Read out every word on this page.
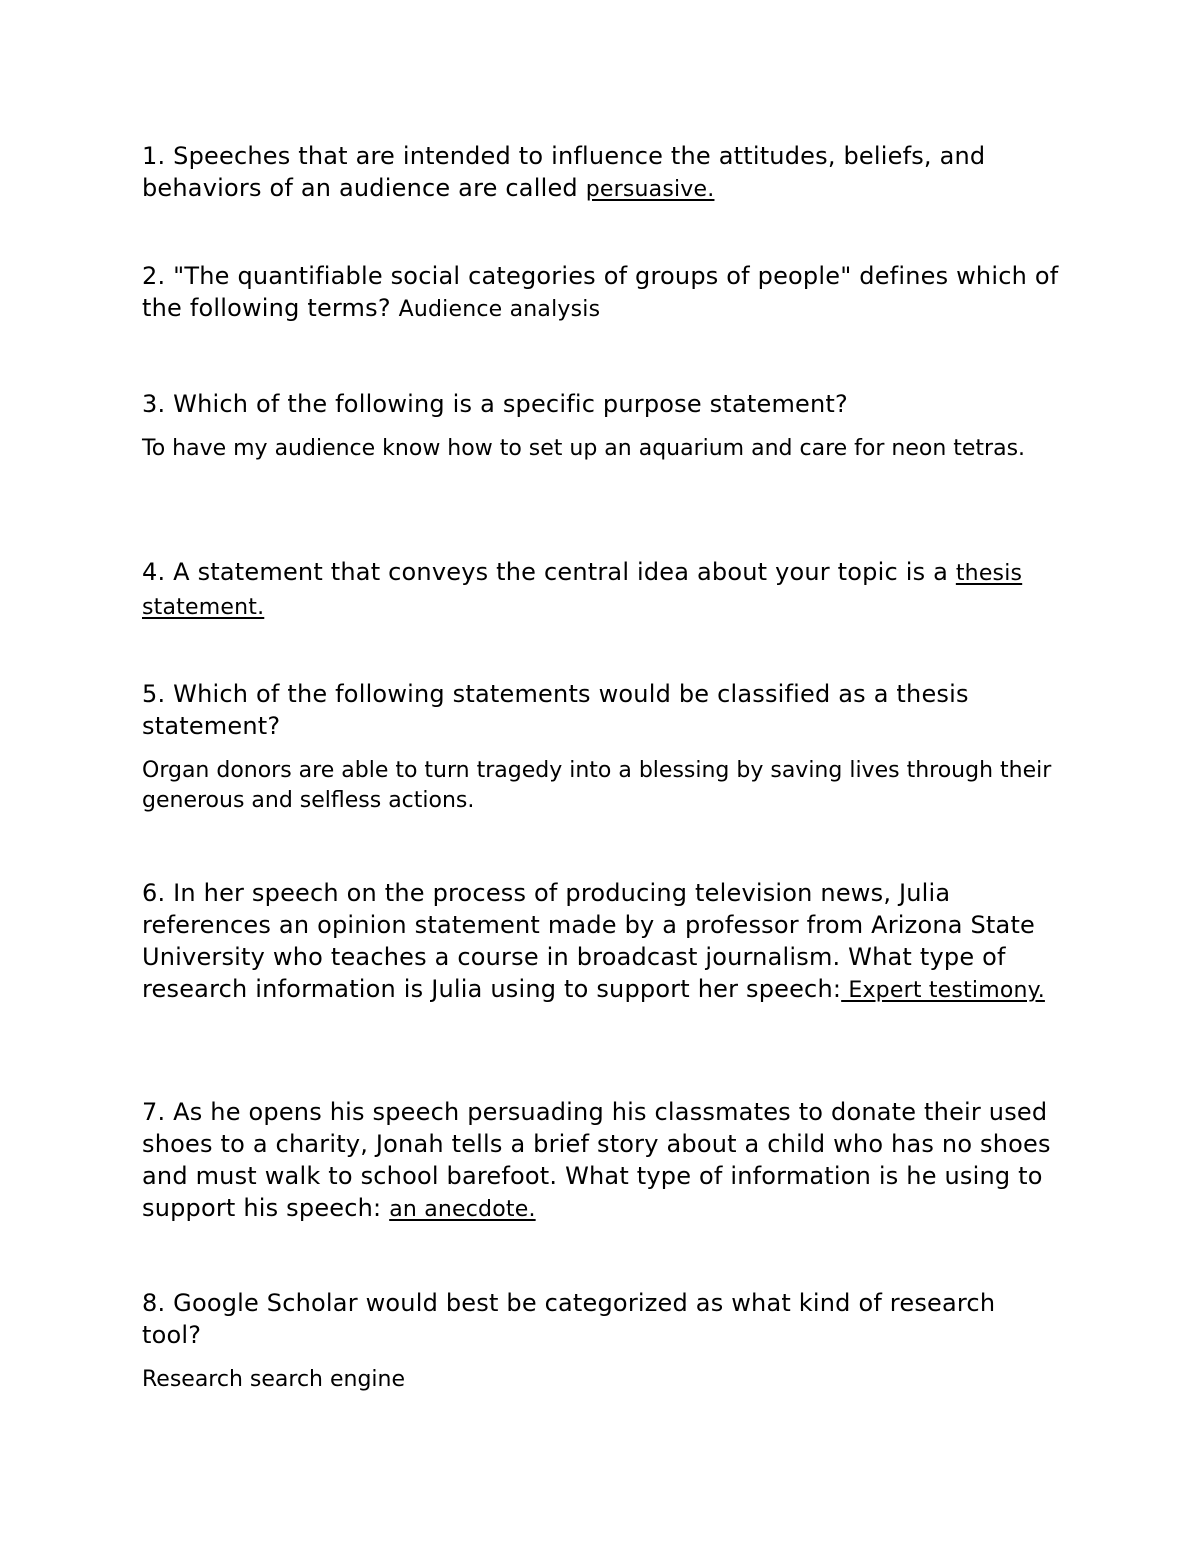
1. Speeches that are intended to influence the attitudes, beliefs, and behaviors of an audience are called persuasive.

2. "The quantifiable social categories of groups of people" defines which of the following terms? Audience analysis

3. Which of the following is a specific purpose statement?

To have my audience know how to set up an aquarium and care for neon tetras.

4. A statement that conveys the central idea about your topic is a thesis statement.

5. Which of the following statements would be classified as a thesis statement?

Organ donors are able to turn tragedy into a blessing by saving lives through their generous and selfless actions.

6. In her speech on the process of producing television news, Julia references an opinion statement made by a professor from Arizona State University who teaches a course in broadcast journalism. What type of research information is Julia using to support her speech: Expert testimony.

7. As he opens his speech persuading his classmates to donate their used shoes to a charity, Jonah tells a brief story about a child who has no shoes and must walk to school barefoot. What type of information is he using to support his speech: an anecdote.

8. Google Scholar would best be categorized as what kind of research tool?

Research search engine
